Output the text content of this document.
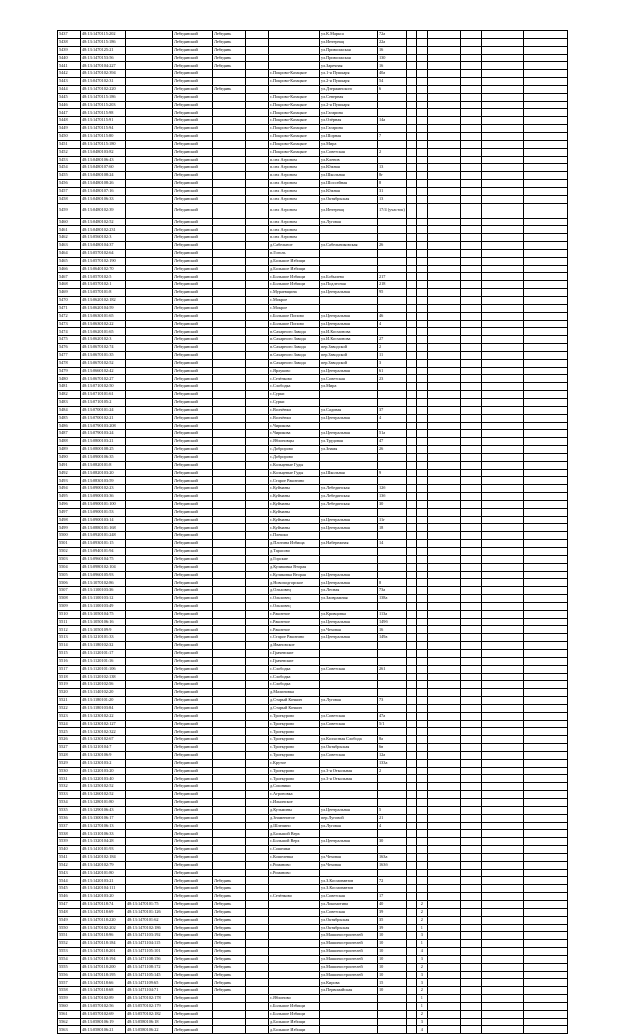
5437	48:13:1470115:202		Лебедянский	Лебедянь			ул.К.Маркса	72а						
5438	48:13:1470115:186		Лебедянский	Лебедянь			ул.Интернац	22а						
5439	48:13:1470125:21		Лебедянский	Лебедянь			ул.Приволжская	16						
5440	48:13:1470153:56		Лебедянский	Лебедянь			ул.Приволжская	130						
5441	48:13:1470104:227		Лебедянский	Лебедянь			ул.Заречная	16						
5442	48:13:1470102:394		Лебедянский			с.Покрово-Казацкое	ул.1-я Пушкаря	40а						
5443	48:13:0470102:31		Лебедянский			с.Покрово-Казацкое	ул.2-я Пушкаря	54						
5444	48:13:1470102:220		Лебедянский	Лебедянь			ул.Дзержинского	6						
5445	48:13:1470115:186		Лебедянский			с.Покрово-Казацкое	ул.Северная							
5446	48:13:1470115:203		Лебедянский			с.Покрово-Казацкое	ул.2-я Пушкаря							
5447	48:13:1470115:98		Лебедянский			с.Покрово-Казацкое	ул.Гагарина							
5448	48:13:1470115:91		Лебедянский			с.Покрово-Казацкое	ул.Озёрная	14а						
5449	48:13:1470115:94		Лебедянский			с.Покрово-Казацкое	ул.Гагарина							
5450	48:13:1470115:80		Лебедянский			с.Покрово-Казацкое	ул.Шорная	7						
5451	48:13:1470115:180		Лебедянский			с.Покрово-Казацкое	ул.Мира							
5452	48:13:0480103:82		Лебедянский			с.Покрово-Казацкое	ул.Советская	2						
5453	48:13:0480106:43		Лебедянский			п.свх Агроном	ул.Кленов							
5454	48:13:0480107:60		Лебедянский			п.свх Агроном	ул.Южная	13						
5455	48:13:0480108:24		Лебедянский			п.свх Агроном	ул.Школьная	8г						
5456	48:13:0480108:26		Лебедянский			п.свх Агроном	ул.Шоссейная	8						
5457	48:13:0480107:16		Лебедянский			п.свх Агроном	ул.Южная	31						
5458	48:13:0480106:33		Лебедянский			п.свх Агроном	ул.Октябрьская	13						
5459	48:13:0480102:39		Лебедянский			п.свх Агроном	ул.Интернац	17/4 (участок)						
5460	48:13:0480102:52		Лебедянский			п.свх Агроном	ул.Луговая							
5461	48:13:0480102:231		Лебедянский			п.свх Агроном								
5462	48:13:0560102:3		Лебедянский			п.свх Агроном								
5463	48:13:0480104:37		Лебедянский			д.Сабельное	ул.Сабельниковская	26						
5464	48:13:0570102:64		Лебедянский			п.Гоголь								
5465	48:13:0570102:190		Лебедянский			д.Большое Избищи								
5466	48:13:0640102:70		Лебедянский			д.Большое Избищи								
5467	48:13:0570102:5		Лебедянский			с.Большое Избищи	ул.Бобылева	217						
5468	48:13:0570102:1		Лебедянский			с.Большое Избищи	ул.Подлесная	218						
5469	48:13:0570101:8		Лебедянский			с.Мураевщина	ул.Центральная	95						
5470	48:13:0620102:182		Лебедянский			с.Мокрое								
5471	48:13:0620104:59		Лебедянский			с.Мокрое								
5472	48:13:0630101:65		Лебедянский			с.Большое Попово	ул.Центральная	46						
5473	48:13:0630102:22		Лебедянский			с.Большое Попово	ул.Центральная	4						
5474	48:13:0620101:65		Лебедянский			п.Сахарного Завода	ул.И.Космонова							
5475	48:13:0620102:3		Лебедянский			п.Сахарного Завода	ул.И.Космонова	27						
5476	48:13:0670102:74		Лебедянский			п.Сахарного Завода	пер.Заводской	2						
5477	48:13:0670101:35		Лебедянский			п.Сахарного Завода	пер.Заводской	11						
5478	48:13:0670102:52		Лебедянский			п.Сахарного Завода	пер.Заводской	3						
5479	48:13:0660102:42		Лебедянский			с.Ярлуково	ул.Центральная	61						
5480	48:13:0670102:27		Лебедянский			с.Сезёнково	ул.Советская	23						
5481	48:13:0710102:50		Лебедянский			с.Слободка	ул.Мира							
5482	48:13:0710101:61		Лебедянский			с.Сурки								
5483	48:13:0710105:2		Лебедянский			с.Сурки								
5484	48:13:0700101:24		Лебедянский			с.Волчёнки	ул.Садовая	37						
5485	48:13:0700102:21		Лебедянский			с.Волчёнки	ул.Центральная	4						
5486	48:13:0790103:208		Лебедянский			с.Чирикова								
5487	48:13:0790103:24		Лебедянский			с.Чирикова	ул.Центральная	51а						
5488	48:13:0800103:21		Лебедянский			с.Яблоновцы	ул.Трудовая	47						
5489	48:13:0800108:25		Лебедянский			с.Добророво	ул.Знамя	26						
5490	48:13:0900106:35		Лебедянский			с.Добророво								
5491	48:13:0820101:8		Лебедянский			с.Кольцевые Гуды								
5492	48:13:0820103:20		Лебедянский			с.Кольцевые Гуды	ул.Школьная	9						
5493	48:13:0830103:59		Лебедянский			с.Старое Ракитино								
5494	48:13:0900102:23		Лебедянский			с.Куйманы	ул.Лебединская	12б						
5495	48:13:0900103:36		Лебедянский			с.Куйманы	ул.Лебединская	13б						
5496	48:13:0900101:100		Лебедянский			с.Куйманы	ул.Лебединская	30						
5497	48:13:0900101:53		Лебедянский			с.Куйманы								
5498	48:13:0900103:14		Лебедянский			с.Куйманы	ул.Центральная	11г						
5499	48:13:0880101:168		Лебедянский			с.Куйманы	ул.Центральная	18						
5500	48:13:0920101:248		Лебедянский			с.Плешки								
5501	48:13:0930101:15		Лебедянский			д.Плотина Избища	ул.Набережная	14						
5502	48:13:0940101:94		Лебедянский			д.Тарасово								
5503	48:13:0960104:75		Лебедянский			д.Горские								
5504	48:13:0980102:104		Лебедянский			д.Куликовка Вторая								
5505	48:13:0960105:93		Лебедянский			с.Куликовка Вторая	ул.Центральная							
5506	48:13:1070102:86		Лебедянский			д.Новоподгорское	ул.Центральная	8						
5507	48:13:1100103:36		Лебедянский			д.Ольховец	ул.Лесная	73а						
5508	48:13:1100103:12		Лебедянский			с.Ольховец	ул.Заовражная	138а						
5509	48:13:1100103:49		Лебедянский			с.Ольховец								
5510	48:13:1050104:75		Лебедянский			с.Ракитное	ул.Кривцовка	113а						
5511	48:13:1050106:16		Лебедянский			с.Ракитное	ул.Центральная	149б						
5512	48:13:1050109:9		Лебедянский			с.Ракитное	ул.Чеховая	16						
5513	48:13:1210101:33		Лебедянский			с.Старое Ракитино	ул.Центральная	149а						
5514	48:13:1180102:32		Лебедянский			д.Ивановское								
5515	48:13:1120101:17		Лебедянский			с.Грачевские								
5516	48:13:1120101:16		Лебедянский			с.Грачевские								
5517	48:13:1120101:106		Лебедянский			с.Слободка	ул.Советская	261						
5518	48:13:1120102:138		Лебедянский			с.Слободка								
5519	48:13:1120102:56		Лебедянский			с.Слободка								
5520	48:13:1140102:20		Лебедянский			д.Малиновка								
5521	48:13:1180101:20		Лебедянский			д.Старый Кочкин	ул.Луговая	73						
5522	48:13:1180103:84		Лебедянский			д.Старый Кочкин								
5523	48:13:1230102:22		Лебедянский			с.Троекурово	ул.Советская	47а						
5524	48:13:1230102:127		Лебедянский			с.Троекурово	ул.Советская	5/1						
5525	48:13:1230102:322		Лебедянский			с.Троекурово								
5526	48:13:1230102:67		Лебедянский			с.Троекурово	ул.Колхозная Слобода	8а						
5527	48:13:1210104:7		Лебедянский			с.Троекурово	ул.Октябрьская	6в						
5528	48:13:1230106:9		Лебедянский			с.Троекурово	ул.Советская	12а						
5529	48:13:1230103:2		Лебедянский			с.Крутое		133а						
5530	48:13:1220103:20		Лебедянский			с.Троекурово	ул.3-я Откольная	2						
5531	48:13:1220103:40		Лебедянский			с.Троекурово	ул.3-я Откольная							
5532	48:13:1250102:52		Лебедянский			д.Сошники								
5533	48:13:1260102:52		Лебедянский			с.Агроновка								
5534	48:13:1280101:80		Лебедянский			с.Ильинское								
5535	48:13:1290106:43		Лебедянский			д.Кузьмины	ул.Центральная	5						
5536	48:13:1300106:17		Лебедянский			д.Знаменитое	пер.Луговой	21						
5537	48:13:1270106:13		Лебедянский			д.Шлепино	ул.Луговая	4						
5538	48:13:1310106:33		Лебедянский			д.Большой Верх								
5539	48:13:1320104:28		Лебедянский			с.Большой Верх	ул.Центральная	30						
5540	48:13:1410101:93		Лебедянский			с.Сошники								
5541	48:13:1420102:184		Лебедянский			с.Кошелевка	ул.Чеховая	163а						
5542	48:13:1420102:79		Лебедянский			с.Романово	ул.Чеховая	163б						
5543	48:13:1420101:80		Лебедянский			с.Романово								
5544	48:13:1420103:21		Лебедянский	Лебедянь			ул.З.Космонавтов	72						
5545	48:13:1420104:111		Лебедянский	Лебедянь			ул.З.Космонавтов							
5546	48:13:1420103:20		Лебедянский	Лебедянь		с.Сезёнково	ул.Советская	17						
5547	48:13:1470118:74	48:13:1470101:75	Лебедянский	Лебедянь			ул.Локомотива	40		2				
5548	48:13:1470118:69	48:13:1470101:126	Лебедянский	Лебедянь			ул.Советская	39		2				
5549	48:13:1470118:220	48:13:1470101:62	Лебедянский	Лебедянь			ул.Октябрьская	35		2				
5550	48:13:1470102:202	48:13:1470102:186	Лебедянский	Лебедянь			ул.Октябрьская	39		1				
5551	48:13:1470118:96	48:13:1471103:192	Лебедянский	Лебедянь			ул.Машиностроителей	10		3				
5552	48:13:1470118:184	48:13:1471104:115	Лебедянский	Лебедянь			ул.Машиностроителей	10		1				
5553	48:13:1470118:201	48:13:1471105:101	Лебедянский	Лебедянь			ул.Машиностроителей	10		4				
5554	48:13:1470118:194	48:13:1471108:156	Лебедянский	Лебедянь			ул.Машиностроителей	10		3				
5555	48:13:1470118:200	48:13:1471108:172	Лебедянский	Лебедянь			ул.Машиностроителей	10		2				
5556	48:13:1470118:195	48:13:1471105:145	Лебедянский	Лебедянь			ул.Машиностроителей	10		3				
5557	48:13:1470118:66	48:13:1471109:65	Лебедянский	Лебедянь			ул.Кирова	15		3				
5558	48:13:1470118:68	48:13:1471104:71	Лебедянский	Лебедянь			ул.Первомайская	10		2				
5559	48:13:1470102:89	48:13:1470102:178	Лебедянский			с.Яблоново				1				
5560	48:13:0570102:56	48:13:0570102:179	Лебедянский			с.Большое Избищи				1				
5561	48:13:0570102:69	48:13:0570102:182	Лебедянский			с.Большое Избищи				2				
5562	48:13:0580106:19	48:13:0580106:18	Лебедянский			д.Большое Избищи				3				
5563	48:13:0580106:21	48:13:0580106:22	Лебедянский			д.Большое Избищи				4				
